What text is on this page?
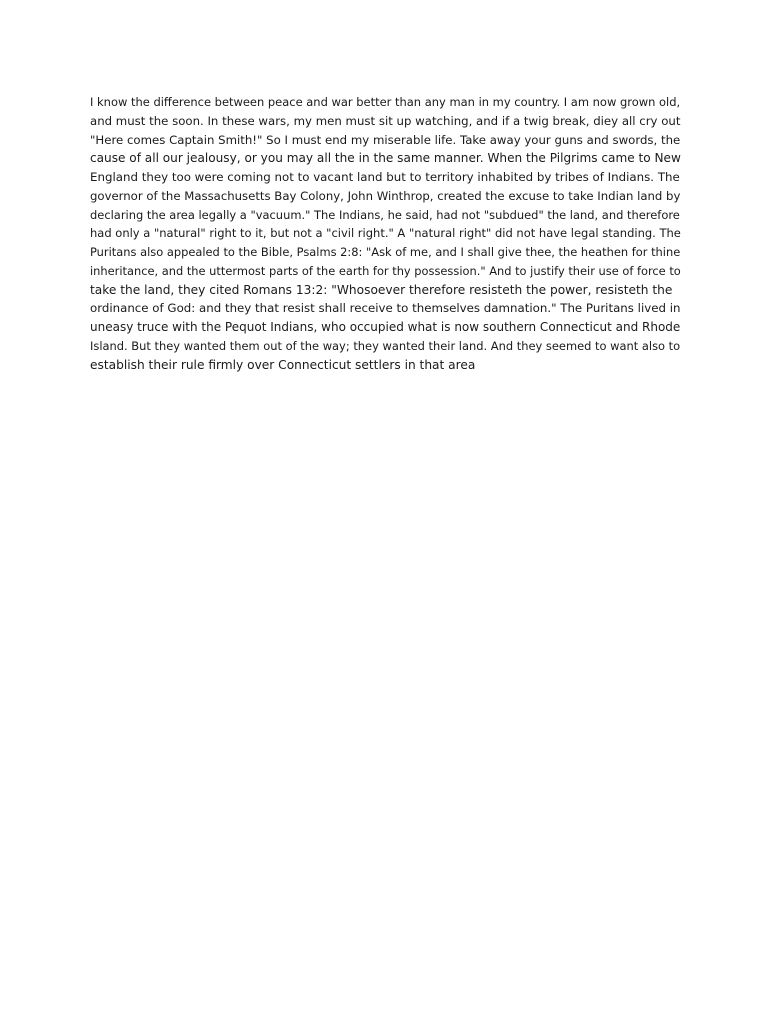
I know the difference between peace and war better than any man in my country. I am now grown old,
and must the soon. In these wars, my men must sit up watching, and if a twig break, diey all cry out
"Here comes Captain Smith!" So I must end my miserable life. Take away your guns and swords, the
cause of all our jealousy, or you may all the in the same manner. When the Pilgrims came to New
England they too were coming not to vacant land but to territory inhabited by tribes of Indians. The
governor of the Massachusetts Bay Colony, John Winthrop, created the excuse to take Indian land by
declaring the area legally a "vacuum." The Indians, he said, had not "subdued" the land, and therefore
had only a "natural" right to it, but not a "civil right." A "natural right" did not have legal standing. The
Puritans also appealed to the Bible, Psalms 2:8: "Ask of me, and I shall give thee, the heathen for thine
inheritance, and the uttermost parts of the earth for thy possession." And to justify their use of force to
take the land, they cited Romans 13:2: "Whosoever therefore resisteth the power, resisteth the
ordinance of God: and they that resist shall receive to themselves damnation." The Puritans lived in
uneasy truce with the Pequot Indians, who occupied what is now southern Connecticut and Rhode
Island. But they wanted them out of the way; they wanted their land. And they seemed to want also to
establish their rule firmly over Connecticut settlers in that area
